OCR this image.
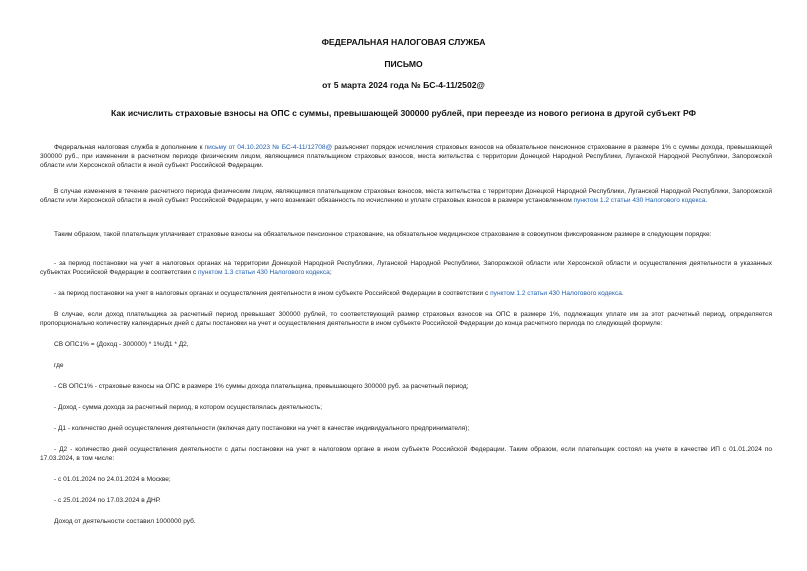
ФЕДЕРАЛЬНАЯ НАЛОГОВАЯ СЛУЖБА
ПИСЬМО
от 5 марта 2024 года № БС-4-11/2502@
Как исчислить страховые взносы на ОПС с суммы, превышающей 300000 рублей, при переезде из нового региона в другой субъект РФ
Федеральная налоговая служба в дополнение к письму от 04.10.2023 № БС-4-11/12708@ разъясняет порядок исчисления страховых взносов на обязательное пенсионное страхование в размере 1% с суммы дохода, превышающей 300000 руб., при изменении в расчетном периоде физическим лицом, являющимся плательщиком страховых взносов, места жительства с территории Донецкой Народной Республики, Луганской Народной Республики, Запорожской области или Херсонской области в иной субъект Российской Федерации.
В случае изменения в течение расчетного периода физическим лицом, являющимся плательщиком страховых взносов, места жительства с территории Донецкой Народной Республики, Луганской Народной Республики, Запорожской области или Херсонской области в иной субъект Российской Федерации, у него возникает обязанность по исчислению и уплате страховых взносов в размере установленном пунктом 1.2 статьи 430 Налогового кодекса.
Таким образом, такой плательщик уплачивает страховые взносы на обязательное пенсионное страхование, на обязательное медицинское страхование в совокупном фиксированном размере в следующем порядке:
- за период постановки на учет в налоговых органах на территории Донецкой Народной Республики, Луганской Народной Республики, Запорожской области или Херсонской области и осуществления деятельности в указанных субъектах Российской Федерации в соответствии с пунктом 1.3 статьи 430 Налогового кодекса;
- за период постановки на учет в налоговых органах и осуществления деятельности в ином субъекте Российской Федерации в соответствии с пунктом 1.2 статьи 430 Налогового кодекса.
В случае, если доход плательщика за расчетный период превышает 300000 рублей, то соответствующий размер страховых взносов на ОПС в размере 1%, подлежащих уплате им за этот расчетный период, определяется пропорционально количеству календарных дней с даты постановки на учет и осуществления деятельности в ином субъекте Российской Федерации до конца расчетного периода по следующей формуле:
СВ ОПС1% = (Доход - 300000) * 1%/Д1 * Д2,
где
- СВ ОПС1% - страховые взносы на ОПС в размере 1% суммы дохода плательщика, превышающего 300000 руб. за расчетный период;
- Доход - сумма дохода за расчетный период, в котором осуществлялась деятельность;
- Д1 - количество дней осуществления деятельности (включая дату постановки на учет в качестве индивидуального предпринимателя);
- Д2 - количество дней осуществления деятельности с даты постановки на учет в налоговом органе в ином субъекте Российской Федерации. Таким образом, если плательщик состоял на учете в качестве ИП с 01.01.2024 по 17.03.2024, в том числе:
- с 01.01.2024 по 24.01.2024 в Москве;
- с 25.01.2024 по 17.03.2024 в ДНР.
Доход от деятельности составил 1000000 руб.
